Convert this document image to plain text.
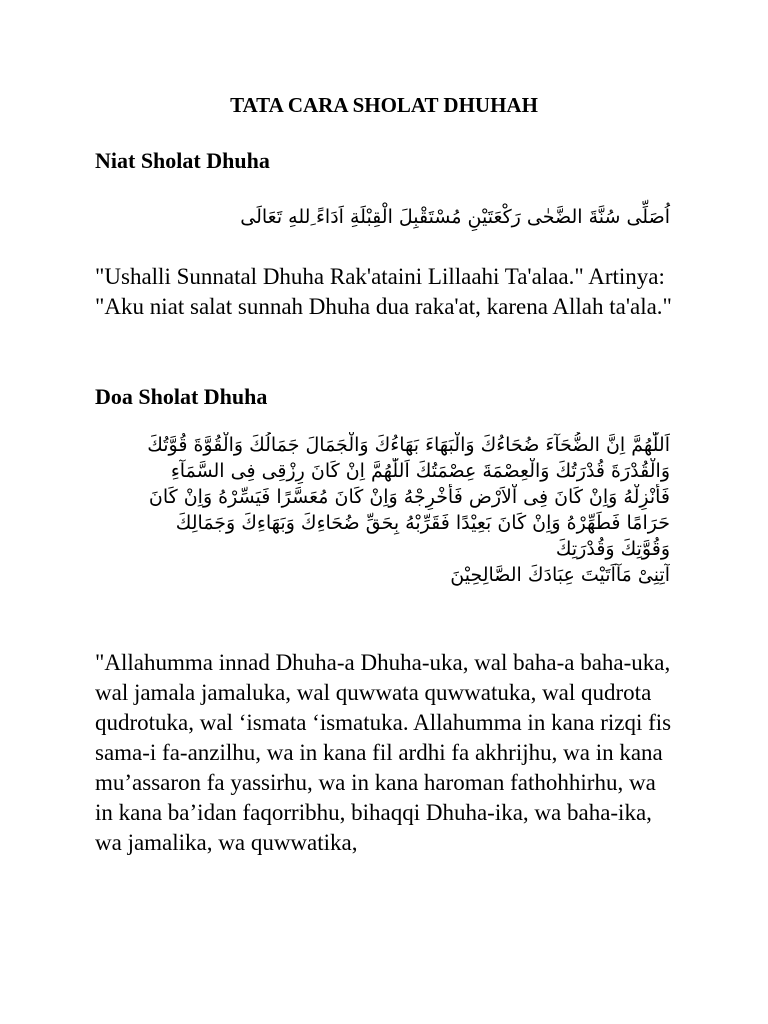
TATA CARA SHOLAT DHUHAH
Niat Sholat Dhuha

اُصَلِّى سُنَّةَ الضَّحٰى رَكْعَتَيْنِ مُسْتَقْبِلَ الْقِبْلَةِ اَدَاءً ِللهِ تَعَالَى

"Ushalli Sunnatal Dhuha Rak'ataini Lillaahi Ta'alaa." Artinya: "Aku niat salat sunnah Dhuha dua raka'at, karena Allah ta'ala."
Doa Sholat Dhuha
اَللّٰهُمَّ اِنَّ الضُّحَآءَ ضُحَاءُكَ وَالْبَهَاءَ بَهَاءُكَ وَالْجَمَالَ جَمَالُكَ وَالْقُوَّةَ قُوَّتُكَ
وَالْقُدْرَةَ قُدْرَتُكَ وَالْعِصْمَةَ عِصْمَتُكَ اَللّٰهُمَّ اِنْ كَانَ رِزْقِى فِى السَّمَآءِ
فَأَنْزِلْهُ وَاِنْ كَانَ فِى اْلاَرْضِ فَأَخْرِجْهُ وَاِنْ كَانَ مُعَسَّرًا فَيَسِّرْهُ وَاِنْ كَانَ
حَرَامًا فَطَهِّرْهُ وَاِنْ كَانَ بَعِيْدًا فَقَرِّبْهُ بِحَقِّ ضُحَاءِكَ وَبَهَاءِكَ وَجَمَالِكَ
وَقُوَّتِكَ وَقُدْرَتِكَ
آتِنِىْ مَآاَتَيْتَ عِبَادَكَ الصَّالِحِيْنَ

"Allahumma innad Dhuha-a Dhuha-uka, wal baha-a baha-uka, wal jamala jamaluka, wal quwwata quwwatuka, wal qudrota qudrotuka, wal ‘ismata ‘ismatuka. Allahumma in kana rizqi fis sama-i fa-anzilhu, wa in kana fil ardhi fa akhrijhu, wa in kana mu’assaron fa yassirhu, wa in kana haroman fathohhirhu, wa in kana ba’idan faqorribhu, bihaqqi Dhuha-ika, wa baha-ika, wa jamalika, wa quwwatika,
